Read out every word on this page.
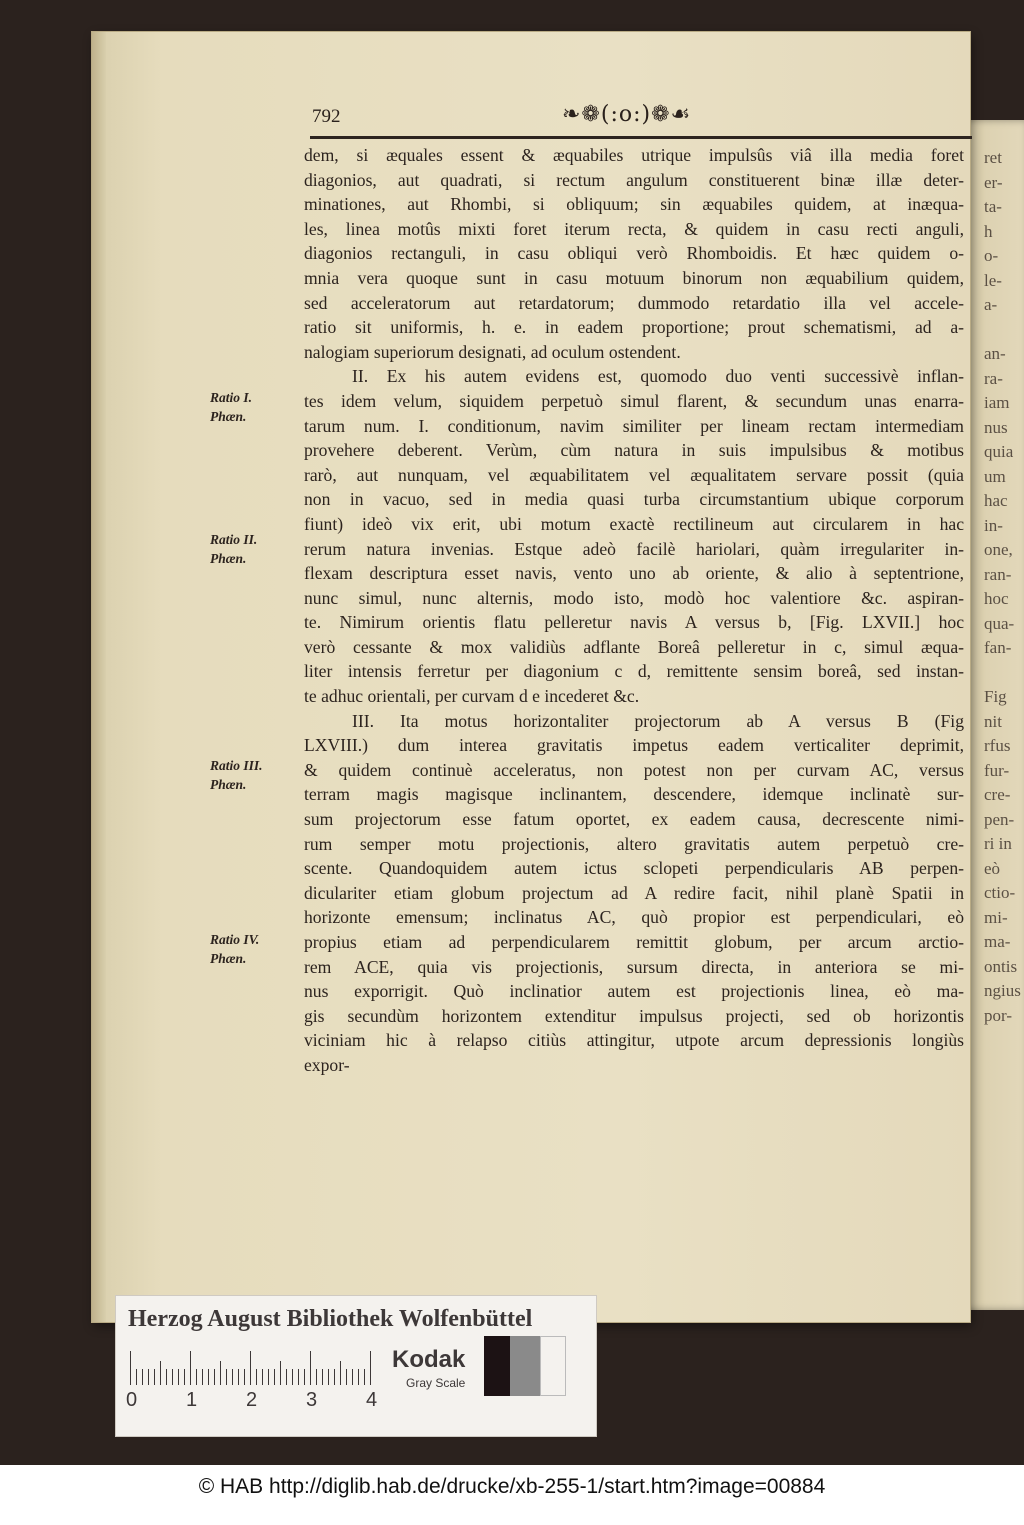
ret
er-
ta-
h
o-
le-
a-

an-
ra-
iam
nus
quia
um
hac
in-
one,
ran-
hoc
qua-
fan-

Fig
nit
rfus
fur-
cre-
pen-
ri in
eò
ctio-
mi-
ma-
ontis
ngius
por-
792	❧❁(:o:)❁☙
dem, si æquales essent & æquabiles utrique impulsûs viâ illa media foret
diagonios, aut quadrati, si rectum angulum constituerent binæ illæ deter-
minationes, aut Rhombi, si obliquum; sin æquabiles quidem, at inæqua-
les, linea motûs mixti foret iterum recta, & quidem in casu recti anguli,
diagonios rectanguli, in casu obliqui verò Rhomboidis. Et hæc quidem o-
mnia vera quoque sunt in casu motuum binorum non æquabilium quidem,
sed acceleratorum aut retardatorum; dummodo retardatio illa vel accele-
ratio sit uniformis, h. e. in eadem proportione; prout schematismi, ad a-
nalogiam superiorum designati, ad oculum ostendent.
II. Ex his autem evidens est, quomodo duo venti successivè inflan-
tes idem velum, siquidem perpetuò simul flarent, & secundum unas enarra-
tarum num. I. conditionum, navim similiter per lineam rectam intermediam
provehere deberent. Verùm, cùm natura in suis impulsibus & motibus
rarò, aut nunquam, vel æquabilitatem vel æqualitatem servare possit (quia
non in vacuo, sed in media quasi turba circumstantium ubique corporum
fiunt) ideò vix erit, ubi motum exactè rectilineum aut circularem in hac
rerum natura invenias. Estque adeò facilè hariolari, quàm irregulariter in-
flexam descriptura esset navis, vento uno ab oriente, & alio à septentrione,
nunc simul, nunc alternis, modo isto, modò hoc valentiore &c. aspiran-
te. Nimirum orientis flatu pelleretur navis A versus b, [Fig. LXVII.] hoc
verò cessante & mox validiùs adflante Boreâ pelleretur in c, simul æqua-
liter intensis ferretur per diagonium c d, remittente sensim boreâ, sed instan-
te adhuc orientali, per curvam d e incederet &c.
III. Ita motus horizontaliter projectorum ab A versus B (Fig
LXVIII.) dum interea gravitatis impetus eadem verticaliter deprimit,
& quidem continuè acceleratus, non potest non per curvam AC, versus
terram magis magisque inclinantem, descendere, idemque inclinatè sur-
sum projectorum esse fatum oportet, ex eadem causa, decrescente nimi-
rum semper motu projectionis, altero gravitatis autem perpetuò cre-
scente. Quandoquidem autem ictus sclopeti perpendicularis AB perpen-
diculariter etiam globum projectum ad A redire facit, nihil planè Spatii in
horizonte emensum; inclinatus AC, quò propior est perpendiculari, eò
propius etiam ad perpendicularem remittit globum, per arcum arctio-
rem ACE, quia vis projectionis, sursum directa, in anteriora se mi-
nus exporrigit. Quò inclinatior autem est projectionis linea, eò ma-
gis secundùm horizontem extenditur impulsus projecti, sed ob horizontis
viciniam hic à relapso citiùs attingitur, utpote arcum depressionis longiùs
expor-
Ratio I.
Phæn.
Ratio II.
Phæn.
Ratio III.
Phæn.
Ratio IV.
Phæn.
Herzog August Bibliothek Wolfenbüttel
0 1 2 3 4
Kodak
Gray Scale
© HAB http://diglib.hab.de/drucke/xb-255-1/start.htm?image=00884
